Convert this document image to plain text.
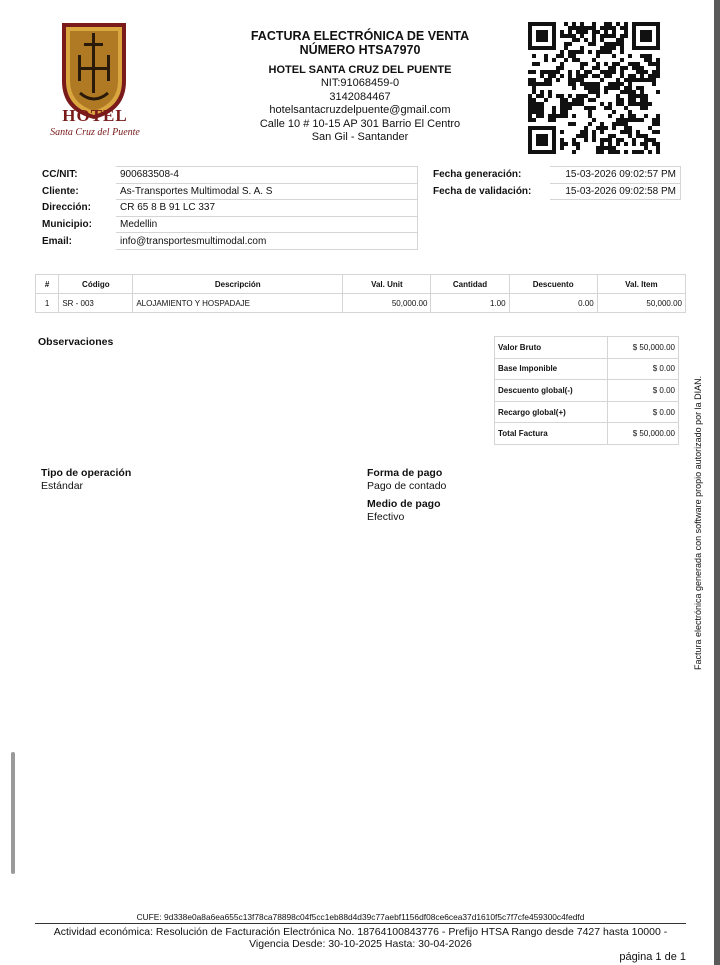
HOTEL
Santa Cruz del Puente
FACTURA ELECTRÓNICA DE VENTA
NÚMERO HTSA7970
HOTEL SANTA CRUZ DEL PUENTE
NIT:91068459-0
3142084467
hotelsantacruzdelpuente@gmail.com
Calle 10 # 10-15 AP 301 Barrio El Centro
San Gil - Santander
CC/NIT:	900683508-4
Cliente:	As-Transportes Multimodal S. A. S
Dirección:	CR 65 8 B 91 LC 337
Municipio:	Medellin
Email:	info@transportesmultimodal.com
Fecha generación:	15-03-2026 09:02:57 PM
Fecha de validación:	15-03-2026 09:02:58 PM
#	Código	Descripción	Val. Unit	Cantidad	Descuento	Val. Item
1	SR - 003	ALOJAMIENTO Y HOSPADAJE	50,000.00	1.00	0.00	50,000.00
Observaciones	Valor Bruto	$ 50,000.00
Base Imponible	$ 0.00
Descuento global(-)	$ 0.00
Recargo global(+)	$ 0.00
Total Factura	$ 50,000.00 Factura electrónica generada con software propio autorizado por la DIAN.
Tipo de operación
Estándar
Forma de pago
Pago de contado
Medio de pago
Efectivo
CUFE: 9d338e0a8a6ea655c13f78ca78898c04f5cc1eb88d4d39c77aebf1156df08ce6cea37d1610f5c7f7cfe459300c4fedfd
Actividad económica: Resolución de Facturación Electrónica No. 18764100843776 - Prefijo HTSA Rango desde 7427 hasta 10000 -
Vigencia Desde: 30-10-2025 Hasta: 30-04-2026
página 1 de 1
